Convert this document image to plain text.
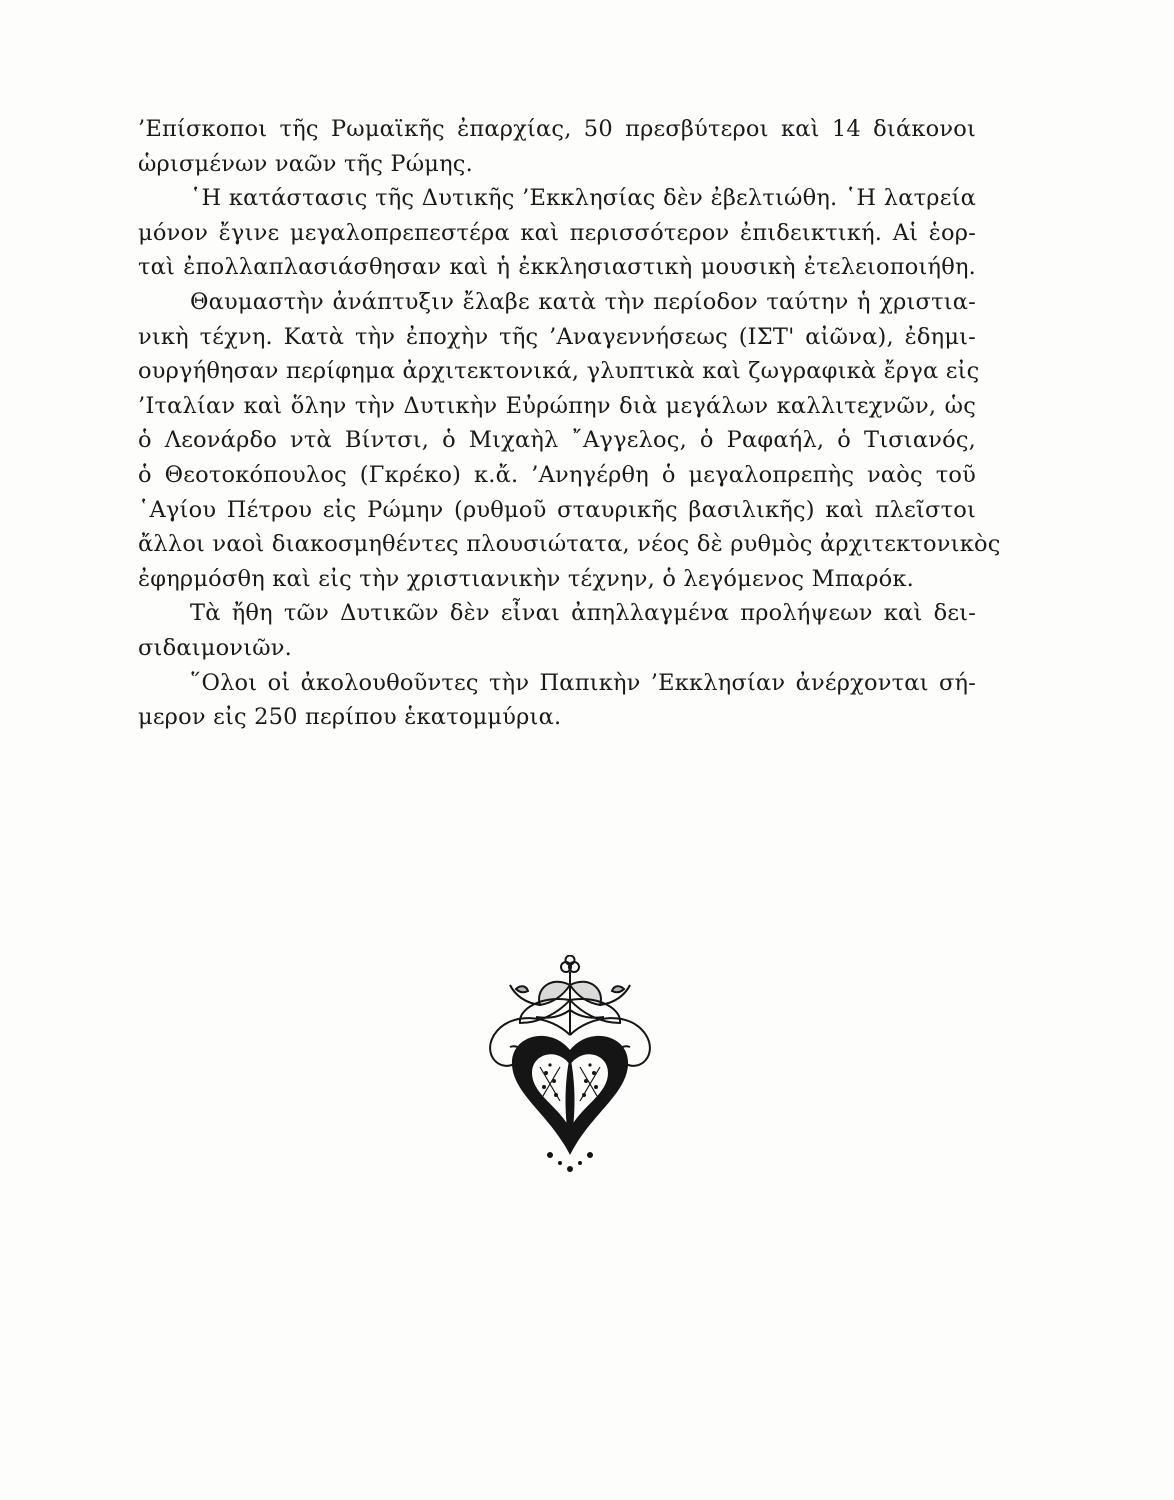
’Επίσκοποι τῆς Ρωμαϊκῆς ἐπαρχίας, 50 πρεσβύτεροι καὶ 14 διάκονοι
ὡρισμένων ναῶν τῆς Ρώμης.
῾Η κατάστασις τῆς Δυτικῆς ’Εκκλησίας δὲν ἐβελτιώθη. ῾Η λατρεία
μόνον ἔγινε μεγαλοπρεπεστέρα καὶ περισσότερον ἐπιδεικτική. Αἱ ἑορ-
ταὶ ἐπολλαπλασιάσθησαν καὶ ἡ ἐκκλησιαστικὴ μουσικὴ ἐτελειοποιήθη.
Θαυμαστὴν ἀνάπτυξιν ἔλαβε κατὰ τὴν περίοδον ταύτην ἡ χριστια-
νικὴ τέχνη. Κατὰ τὴν ἐποχὴν τῆς ’Αναγεννήσεως (ΙΣΤ' αἰῶνα), ἐδημι-
ουργήθησαν περίφημα ἀρχιτεκτονικά, γλυπτικὰ καὶ ζωγραφικὰ ἔργα εἰς
’Ιταλίαν καὶ ὅλην τὴν Δυτικὴν Εὐρώπην διὰ μεγάλων καλλιτεχνῶν, ὡς
ὁ Λεονάρδο ντὰ Βίντσι, ὁ Μιχαὴλ ῎Αγγελος, ὁ Ραφαήλ, ὁ Τισιανός,
ὁ Θεοτοκόπουλος (Γκρέκο) κ.ἄ. ’Ανηγέρθη ὁ μεγαλοπρεπὴς ναὸς τοῦ
῾Αγίου Πέτρου εἰς Ρώμην (ρυθμοῦ σταυρικῆς βασιλικῆς) καὶ πλεῖστοι
ἄλλοι ναοὶ διακοσμηθέντες πλουσιώτατα, νέος δὲ ρυθμὸς ἀρχιτεκτονικὸς
ἐφηρμόσθη καὶ εἰς τὴν χριστιανικὴν τέχνην, ὁ λεγόμενος Μπαρόκ.
Τὰ ἤθη τῶν Δυτικῶν δὲν εἶναι ἀπηλλαγμένα προλήψεων καὶ δει-
σιδαιμονιῶν.
῞Ολοι οἱ ἀκολουθοῦντες τὴν Παπικὴν ’Εκκλησίαν ἀνέρχονται σή-
μερον εἰς 250 περίπου ἑκατομμύρια.
